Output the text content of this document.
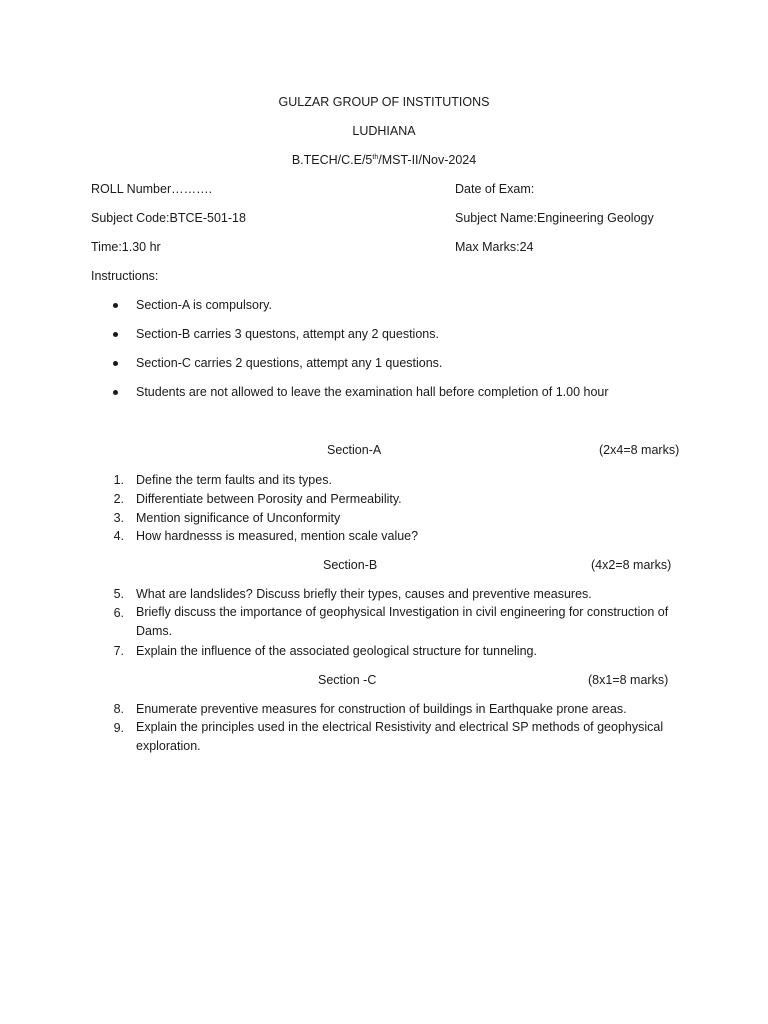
GULZAR GROUP OF INSTITUTIONS
LUDHIANA
B.TECH/C.E/5th/MST-II/Nov-2024
ROLL Number……….	Date of Exam:
Subject Code:BTCE-501-18	Subject Name:Engineering Geology
Time:1.30 hr	Max Marks:24
Instructions:
Section-A is compulsory.
Section-B carries 3 questons, attempt any 2 questions.
Section-C carries 2 questions, attempt any 1 questions.
Students are not allowed to leave the examination hall before completion of 1.00 hour
Section-A	(2x4=8 marks)
1. Define the term faults and its types.
2. Differentiate between Porosity and Permeability.
3. Mention significance of Unconformity
4. How hardnesss is measured, mention scale value?
Section-B	(4x2=8 marks)
5. What are landslides? Discuss briefly their types, causes and preventive measures.
6. Briefly discuss the importance of geophysical Investigation in civil engineering for construction of Dams.
7. Explain the influence of the associated geological structure for tunneling.
Section -C	(8x1=8 marks)
8. Enumerate preventive measures for construction of buildings in Earthquake prone areas.
9. Explain the principles used in the electrical Resistivity and electrical SP methods of geophysical exploration.
